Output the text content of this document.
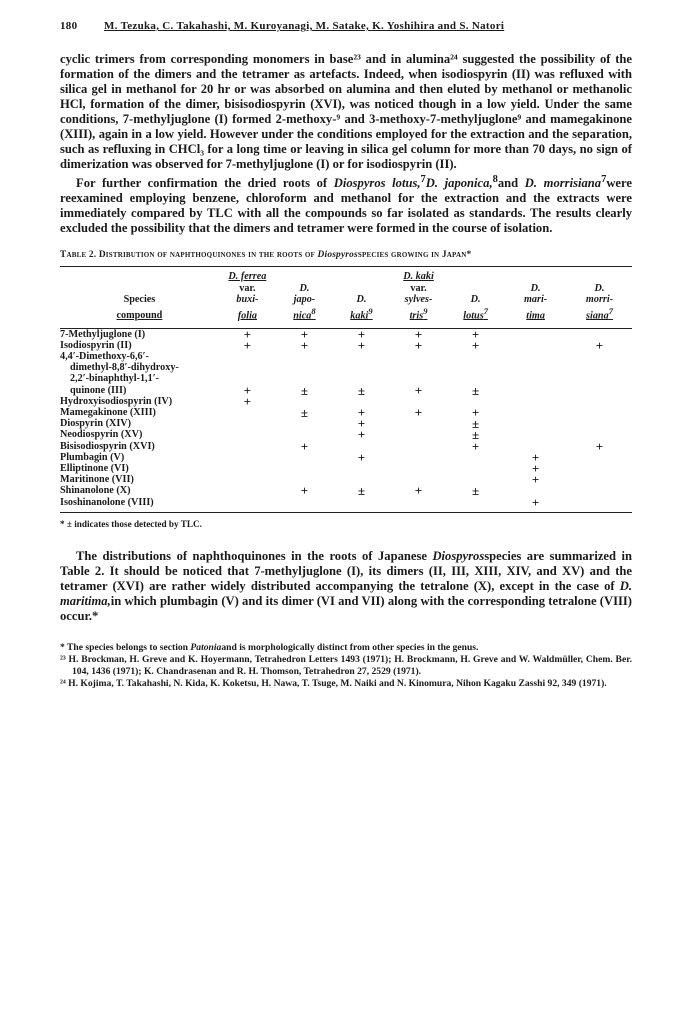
180	M. Tezuka, C. Takahashi, M. Kuroyanagi, M. Satake, K. Yoshihira and S. Natori

cyclic trimers from corresponding monomers in base²³ and in alumina²⁴ suggested the possibility of the formation of the dimers and the tetramer as artefacts. Indeed, when isodiospyrin (II) was refluxed with silica gel in methanol for 20 hr or was absorbed on alumina and then eluted by methanol or methanolic HCl, formation of the dimer, bisisodiospyrin (XVI), was noticed though in a low yield. Under the same conditions, 7-methyljuglone (I) formed 2-methoxy-⁹ and 3-methoxy-7-methyljuglone⁹ and mamegakinone (XIII), again in a low yield. However under the conditions employed for the extraction and the separation, such as refluxing in CHCl₃ for a long time or leaving in silica gel column for more than 70 days, no sign of dimerization was observed for 7-methyljuglone (I) or for isodiospyrin (II).

For further confirmation the dried roots of Diospyros lotus,$^7$D. japonica,$^8$and D. morrisiana$^7$were reexamined employing benzene, chloroform and methanol for the extraction and the extracts were immediately compared by TLC with all the compounds so far isolated as standards. The results clearly excluded the possibility that the dimers and tetramer were formed in the course of isolation.

Table 2. Distribution of naphthoquinones in the roots of Diospyrosspecies growing in Japan*
	D. ferrea			D. kaki			
	var.	D.		var.		D.	D.
Species	buxi-	japo-	D.	sylves-	D.	mari-	morri-
compound	folia	nica$^8$	kaki$^9$	tris$^9$	lotus$^7$	tima	siana$^7$

7-Methyljuglone (I)	+	+	+	+	+		
Isodiospyrin (II)	+	+	+	+	+		+
4,4′-Dimethoxy-6,6′-							
dimethyl-8,8′-dihydroxy-							
2,2′-binaphthyl-1,1′-							
quinone (III)	+	±	±	+	±		
Hydroxyisodiospyrin (IV)	+						
Mamegakinone (XIII)		±	+	+	+		
Diospyrin (XIV)			+		±		
Neodiospyrin (XV)			+		±		
Bisisodiospyrin (XVI)		+			+		+
Plumbagin (V)			+			+	
Elliptinone (VI)						+	
Maritinone (VII)						+	
Shinanolone (X)		+	±	+	±		
Isoshinanolone (VIII)						+	
* ± indicates those detected by TLC.

The distributions of naphthoquinones in the roots of Japanese Diospyrosspecies are summarized in Table 2. It should be noticed that 7-methyljuglone (I), its dimers (II, III, XIII, XIV, and XV) and the tetramer (XVI) are rather widely distributed accompanying the tetralone (X), except in the case of D. maritima,in which plumbagin (V) and its dimer (VI and VII) along with the corresponding tetralone (VIII) occur.*

* The species belongs to section Patoniaand is morphologically distinct from other species in the genus.

²³ H. Brockman, H. Greve and K. Hoyermann, Tetrahedron Letters 1493 (1971); H. Brockmann, H. Greve and W. Waldmüller, Chem. Ber. 104, 1436 (1971); K. Chandrasenan and R. H. Thomson, Tetrahedron 27, 2529 (1971).

²⁴ H. Kojima, T. Takahashi, N. Kida, K. Koketsu, H. Nawa, T. Tsuge, M. Naiki and N. Kinomura, Nihon Kagaku Zasshi 92, 349 (1971).
